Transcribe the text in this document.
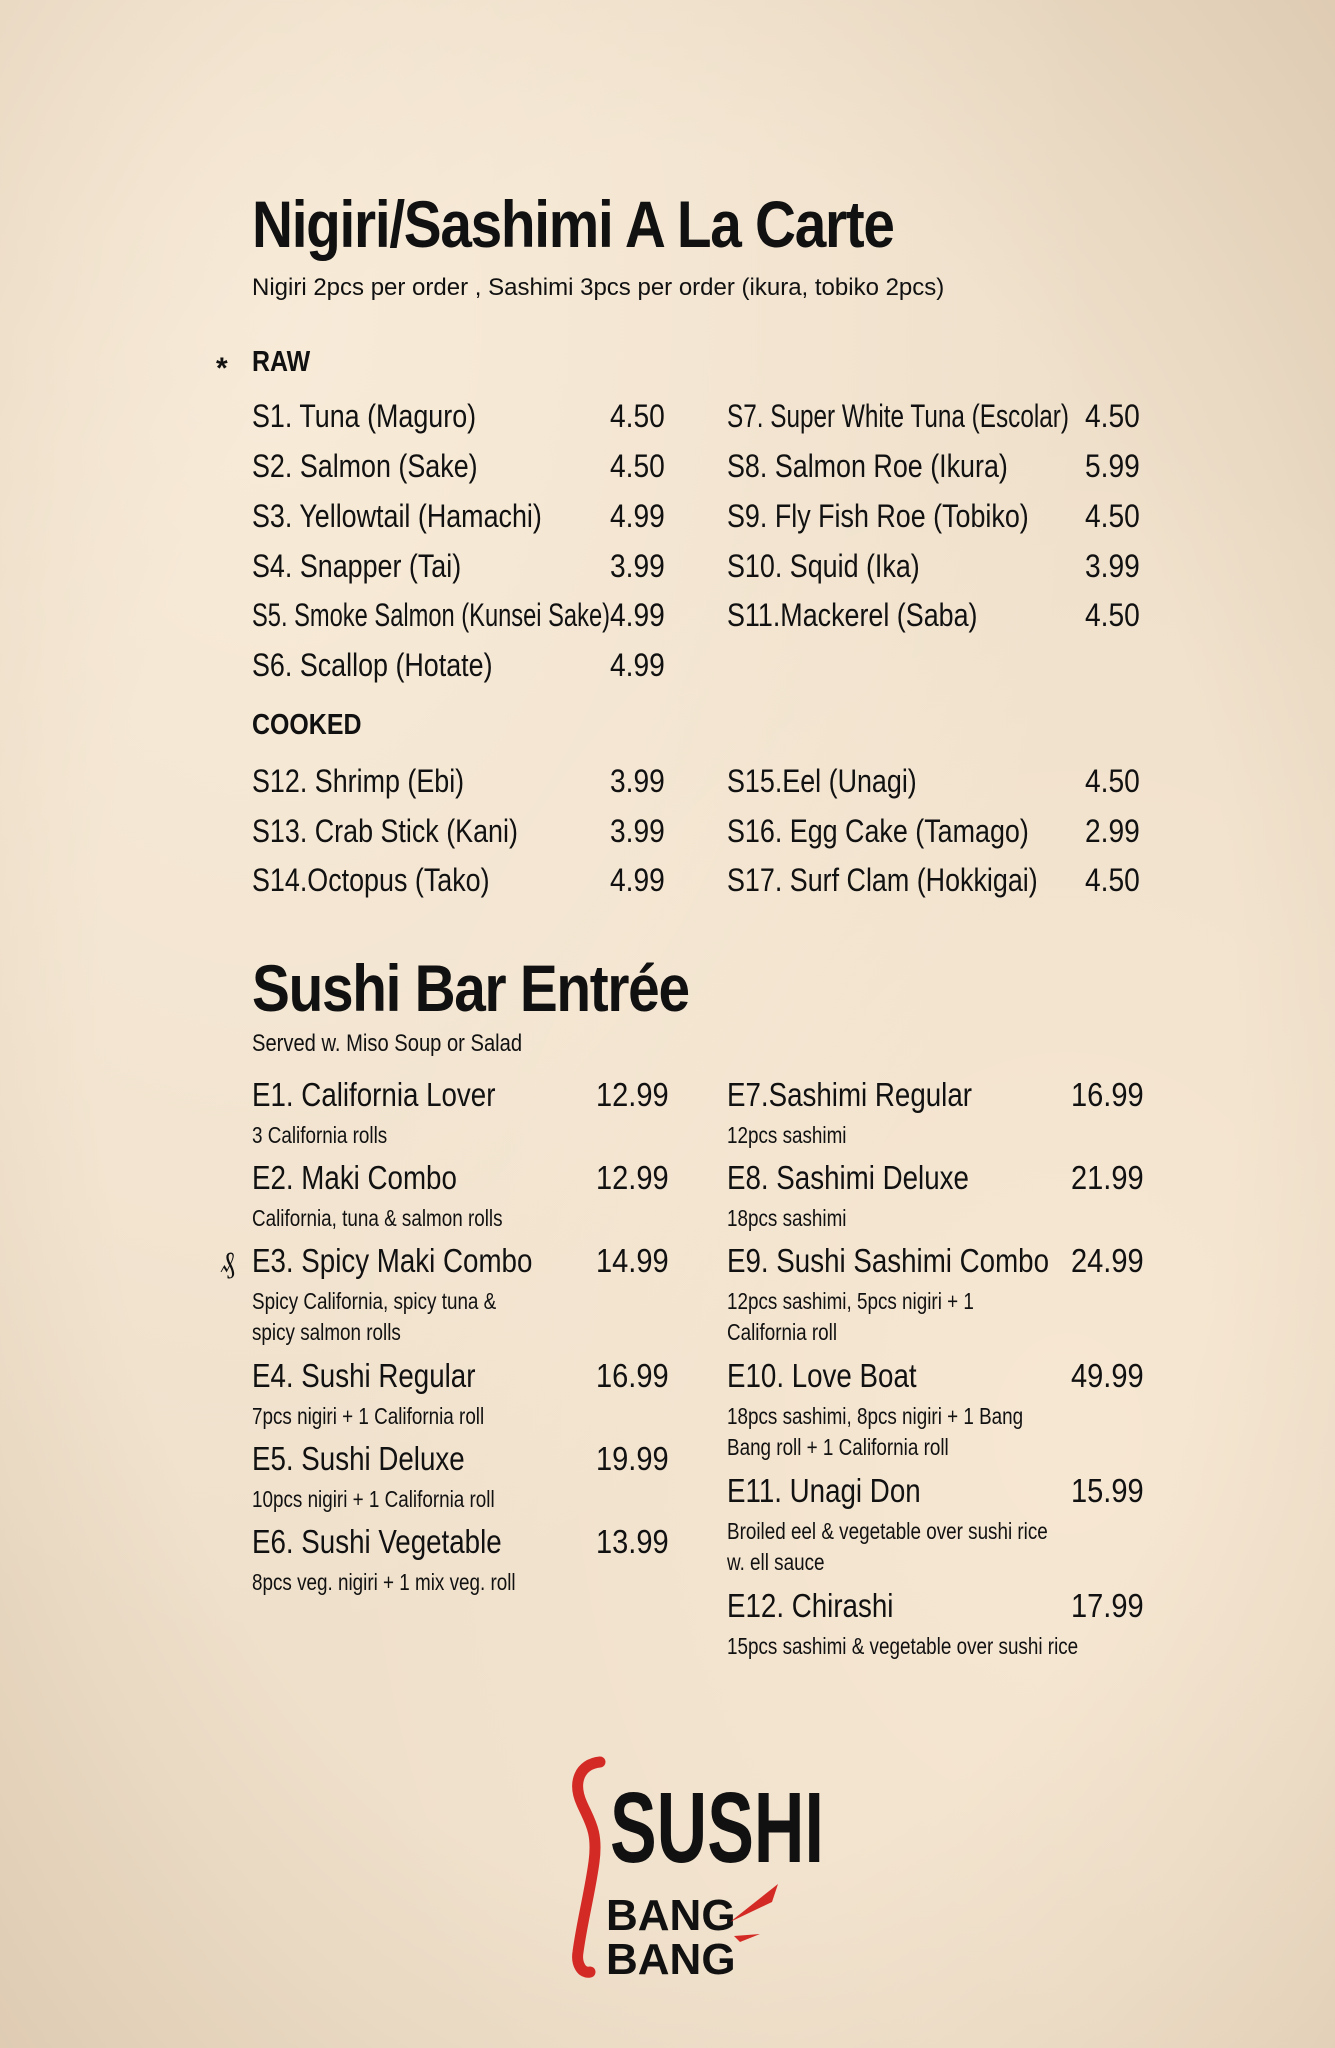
Nigiri/Sashimi A La Carte
Nigiri 2pcs per order , Sashimi 3pcs per order (ikura, tobiko 2pcs)
* RAW
S1. Tuna (Maguro)	4.50
S2. Salmon (Sake)	4.50
S3. Yellowtail (Hamachi) 4.99
S4. Snapper (Tai)	3.99
S5. Smoke Salmon (Kunsei Sake) 4.99
S6. Scallop (Hotate)	4.99
S7. Super White Tuna (Escolar) 4.50
S8. Salmon Roe (Ikura) 5.99
S9. Fly Fish Roe (Tobiko) 4.50
S10. Squid (Ika)	3.99
S11.Mackerel (Saba)	4.50
COOKED
S12. Shrimp (Ebi)	3.99
S13. Crab Stick (Kani)	3.99
S14.Octopus (Tako)	4.99
S15.Eel (Unagi)	4.50
S16. Egg Cake (Tamago) 2.99
S17. Surf Clam (Hokkigai) 4.50
Sushi Bar Entrée
Served w. Miso Soup or Salad
₰
E1. California Lover	12.99
3 California rolls
E2. Maki Combo	12.99
California, tuna & salmon rolls
E3. Spicy Maki Combo 14.99
Spicy California, spicy tuna &
spicy salmon rolls
E4. Sushi Regular	16.99
7pcs nigiri + 1 California roll
E5. Sushi Deluxe	19.99
10pcs nigiri + 1 California roll
E6. Sushi Vegetable	13.99
8pcs veg. nigiri + 1 mix veg. roll
E7.Sashimi Regular	16.99
12pcs sashimi
E8. Sashimi Deluxe	21.99
18pcs sashimi
E9. Sushi Sashimi Combo 24.99
12pcs sashimi, 5pcs nigiri + 1
California roll
E10. Love Boat	49.99
18pcs sashimi, 8pcs nigiri + 1 Bang
Bang roll + 1 California roll
E11. Unagi Don	15.99
Broiled eel & vegetable over sushi rice
w. ell sauce
E12. Chirashi	17.99
15pcs sashimi & vegetable over sushi rice
SUSHI
BANG
BANG
